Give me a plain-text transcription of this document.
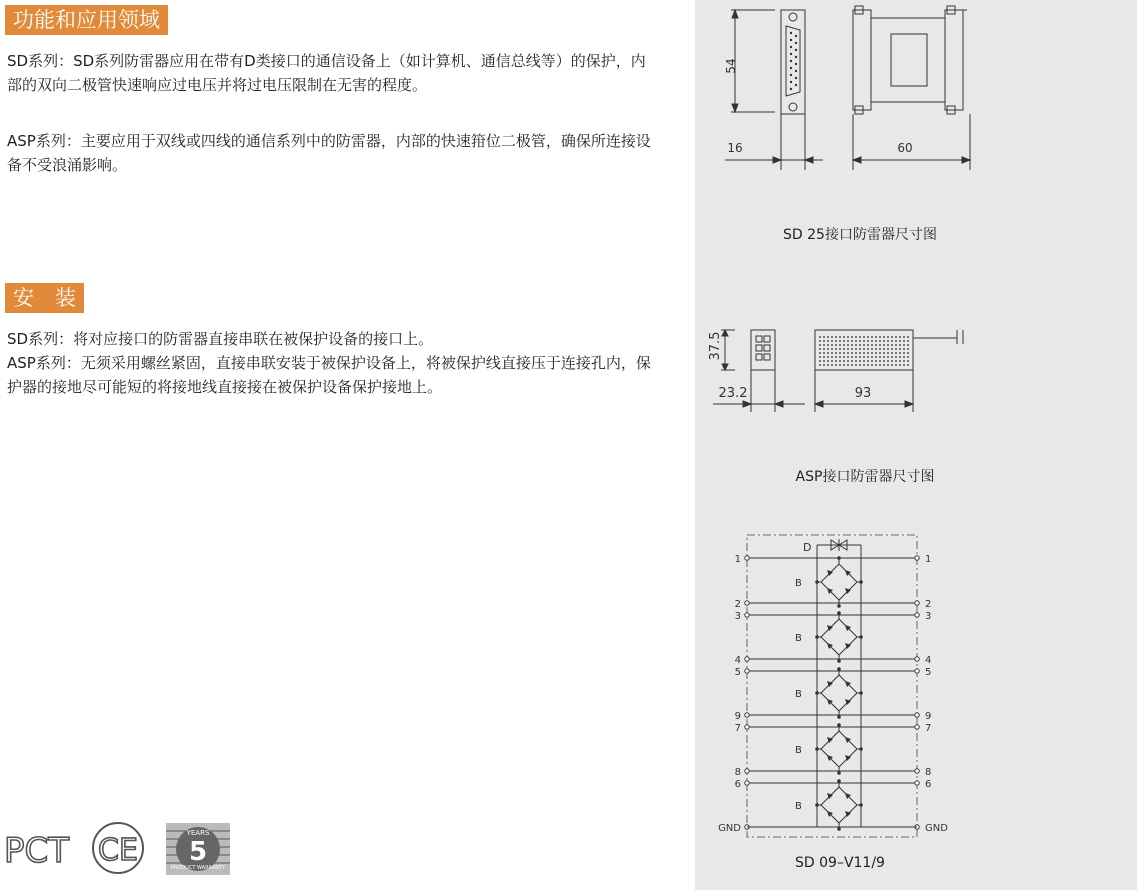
功能和应用领域
SD系列：SD系列防雷器应用在带有D类接口的通信设备上（如计算机、通信总线等）的保护，内部的双向二极管快速响应过电压并将过电压限制在无害的程度。
ASP系列：主要应用于双线或四线的通信系列中的防雷器，内部的快速箝位二极管，确保所连接设备不受浪涌影响。
安　装
SD系列：将对应接口的防雷器直接串联在被保护设备的接口上。
ASP系列：无须采用螺丝紧固，直接串联安装于被保护设备上，将被保护线直接压于连接孔内，保护器的接地尽可能短的将接地线直接接在被保护设备保护接地上。
PCT CE	YEARS
5
PRODUCT WARRANTY
54
16	60
SD 25接口防雷器尺寸图
37.5
23.2	93
ASP接口防雷器尺寸图
D
1	1
2	2
3	3
4	4
5	5
9	9
7	7
8	8
6	6
GND	GND
B
B
B
B
B
SD 09–V11/9
